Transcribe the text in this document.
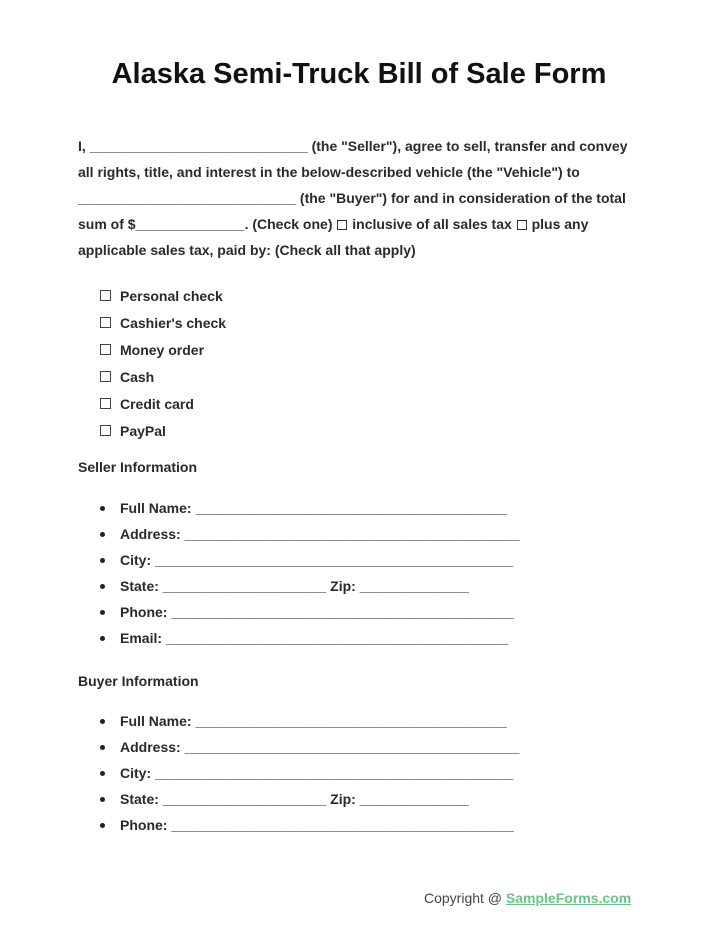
Alaska Semi-Truck Bill of Sale Form

I, ____________________________ (the "Seller"), agree to sell, transfer and convey
all rights, title, and interest in the below-described vehicle (the "Vehicle") to
____________________________ (the "Buyer") for and in consideration of the total
sum of $______________. (Check one) inclusive of all sales tax plus any
applicable sales tax, paid by: (Check all that apply)

Personal check
Cashier's check
Money order
Cash
Credit card
PayPal
Seller Information
Full Name: ________________________________________
Address: ___________________________________________
City: ______________________________________________
State: _____________________ Zip: ______________
Phone: ____________________________________________
Email: ____________________________________________
Buyer Information
Full Name: ________________________________________
Address: ___________________________________________
City: ______________________________________________
State: _____________________ Zip: ______________
Phone: ____________________________________________
Copyright @ SampleForms.com
